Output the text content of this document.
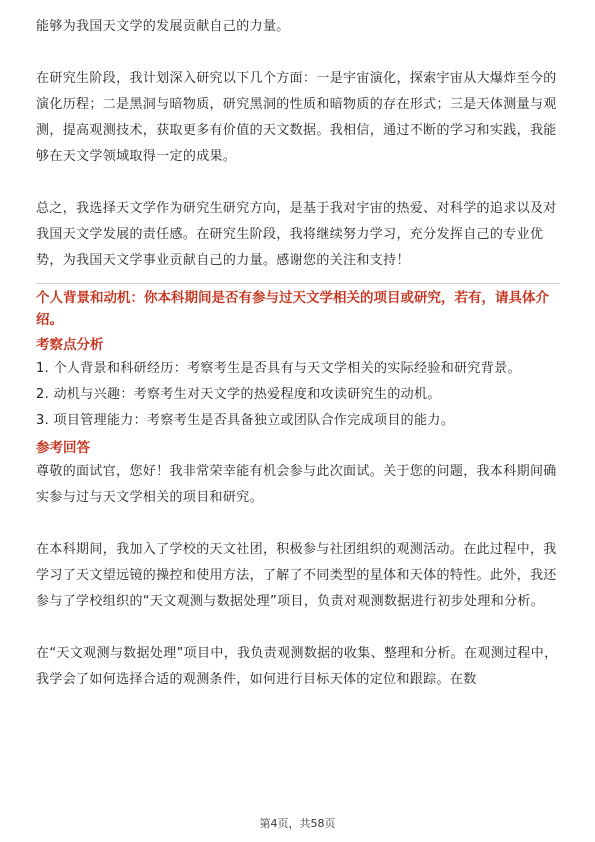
能够为我国天文学的发展贡献自己的力量。

在研究生阶段，我计划深入研究以下几个方面：一是宇宙演化，探索宇宙从大爆炸至今的演化历程；二是黑洞与暗物质，研究黑洞的性质和暗物质的存在形式；三是天体测量与观测，提高观测技术，获取更多有价值的天文数据。我相信，通过不断的学习和实践，我能够在天文学领域取得一定的成果。

总之，我选择天文学作为研究生研究方向，是基于我对宇宙的热爱、对科学的追求以及对我国天文学发展的责任感。在研究生阶段，我将继续努力学习，充分发挥自己的专业优势，为我国天文学事业贡献自己的力量。感谢您的关注和支持！

个人背景和动机：你本科期间是否有参与过天文学相关的项目或研究，若有，请具体介绍。
考察点分析

1. 个人背景和科研经历：考察考生是否具有与天文学相关的实际经验和研究背景。

2. 动机与兴趣：考察考生对天文学的热爱程度和攻读研究生的动机。

3. 项目管理能力：考察考生是否具备独立或团队合作完成项目的能力。

参考回答

尊敬的面试官，您好！我非常荣幸能有机会参与此次面试。关于您的问题，我本科期间确实参与过与天文学相关的项目和研究。

在本科期间，我加入了学校的天文社团，积极参与社团组织的观测活动。在此过程中，我学习了天文望远镜的操控和使用方法，了解了不同类型的星体和天体的特性。此外，我还参与了学校组织的“天文观测与数据处理”项目，负责对观测数据进行初步处理和分析。

在“天文观测与数据处理”项目中，我负责观测数据的收集、整理和分析。在观测过程中，我学会了如何选择合适的观测条件，如何进行目标天体的定位和跟踪。在数

第4页，共58页
